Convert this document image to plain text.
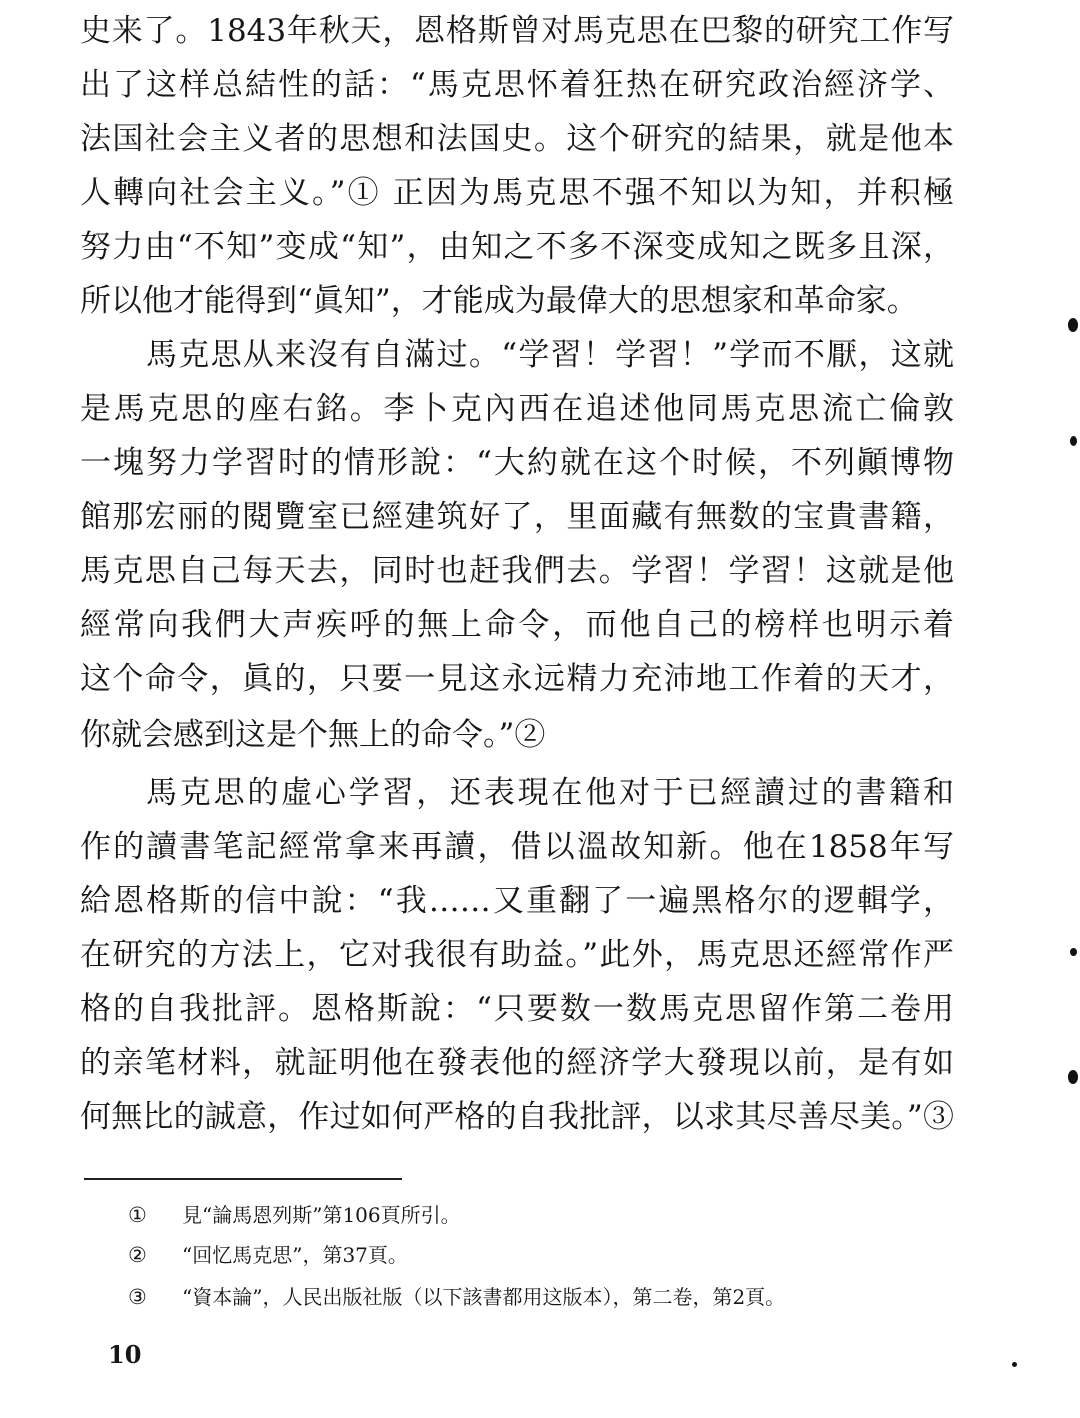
史来了。1843年秋天，恩格斯曾对馬克思在巴黎的研究工作写
出了这样总結性的話：“馬克思怀着狂热在研究政治經济学、
法国社会主义者的思想和法国史。这个研究的結果，就是他本
人轉向社会主义。”① 正因为馬克思不强不知以为知，并积極
努力由“不知”变成“知”，由知之不多不深变成知之既多且深，
所以他才能得到“眞知”，才能成为最偉大的思想家和革命家。
馬克思从来沒有自滿过。“学習！学習！”学而不厭，这就
是馬克思的座右銘。李卜克內西在追述他同馬克思流亡倫敦
一塊努力学習时的情形說：“大約就在这个时候，不列顚博物
館那宏丽的閱覽室已經建筑好了，里面藏有無数的宝貴書籍，
馬克思自己每天去，同时也赶我們去。学習！学習！这就是他
經常向我們大声疾呼的無上命令，而他自己的榜样也明示着
这个命令，眞的，只要一見这永远精力充沛地工作着的天才，
你就会感到这是个無上的命令。”②
馬克思的虛心学習，还表現在他对于已經讀过的書籍和
作的讀書笔記經常拿来再讀，借以溫故知新。他在1858年写
給恩格斯的信中說：“我……又重翻了一遍黑格尔的逻輯学，
在研究的方法上，它对我很有助益。”此外，馬克思还經常作严
格的自我批評。恩格斯說：“只要数一数馬克思留作第二卷用
的亲笔材料，就証明他在發表他的經济学大發現以前，是有如
何無比的誠意，作过如何严格的自我批評，以求其尽善尽美。”③
① 見“論馬恩列斯”第106頁所引。
② “回忆馬克思”，第37頁。
③ “資本論”，人民出版社版（以下該書都用这版本），第二卷，第2頁。
10
